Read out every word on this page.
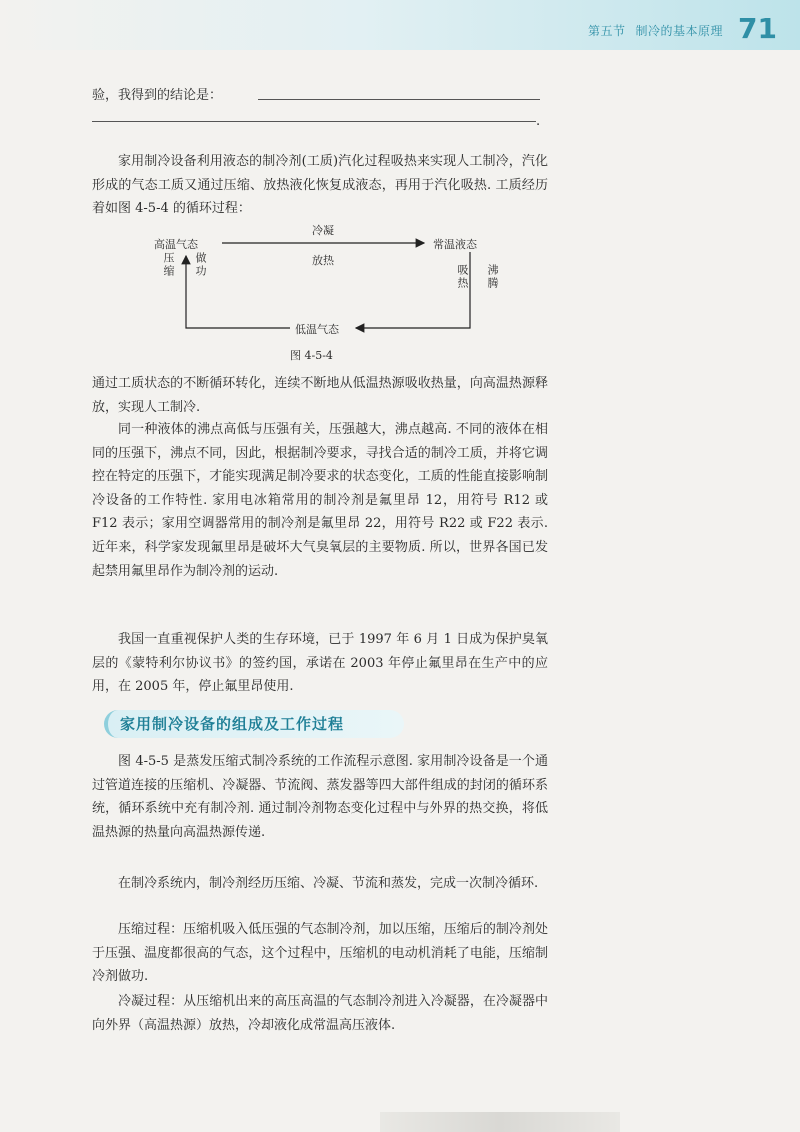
第五节 制冷的基本原理 71
验，我得到的结论是：
.

家用制冷设备利用液态的制冷剂(工质)汽化过程吸热来实现人工制冷，汽化形成的气态工质又通过压缩、放热液化恢复成液态，再用于汽化吸热. 工质经历着如图 4-5-4 的循环过程：

高温气态
冷凝
放热
常温液态
压缩 做功	吸热 沸腾
低温气态
图 4-5-4

通过工质状态的不断循环转化，连续不断地从低温热源吸收热量，向高温热源释放，实现人工制冷.

同一种液体的沸点高低与压强有关，压强越大，沸点越高. 不同的液体在相同的压强下，沸点不同，因此，根据制冷要求，寻找合适的制冷工质，并将它调控在特定的压强下，才能实现满足制冷要求的状态变化，工质的性能直接影响制冷设备的工作特性. 家用电冰箱常用的制冷剂是氟里昂 12，用符号 R12 或 F12 表示；家用空调器常用的制冷剂是氟里昂 22，用符号 R22 或 F22 表示. 近年来，科学家发现氟里昂是破坏大气臭氧层的主要物质. 所以，世界各国已发起禁用氟里昂作为制冷剂的运动.

我国一直重视保护人类的生存环境，已于 1997 年 6 月 1 日成为保护臭氧层的《蒙特利尔协议书》的签约国，承诺在 2003 年停止氟里昂在生产中的应用，在 2005 年，停止氟里昂使用.

家用制冷设备的组成及工作过程

图 4-5-5 是蒸发压缩式制冷系统的工作流程示意图. 家用制冷设备是一个通过管道连接的压缩机、冷凝器、节流阀、蒸发器等四大部件组成的封闭的循环系统，循环系统中充有制冷剂. 通过制冷剂物态变化过程中与外界的热交换，将低温热源的热量向高温热源传递.

在制冷系统内，制冷剂经历压缩、冷凝、节流和蒸发，完成一次制冷循环.

压缩过程：压缩机吸入低压强的气态制冷剂，加以压缩，压缩后的制冷剂处于压强、温度都很高的气态，这个过程中，压缩机的电动机消耗了电能，压缩制冷剂做功.

冷凝过程：从压缩机出来的高压高温的气态制冷剂进入冷凝器，在冷凝器中向外界（高温热源）放热，冷却液化成常温高压液体.
